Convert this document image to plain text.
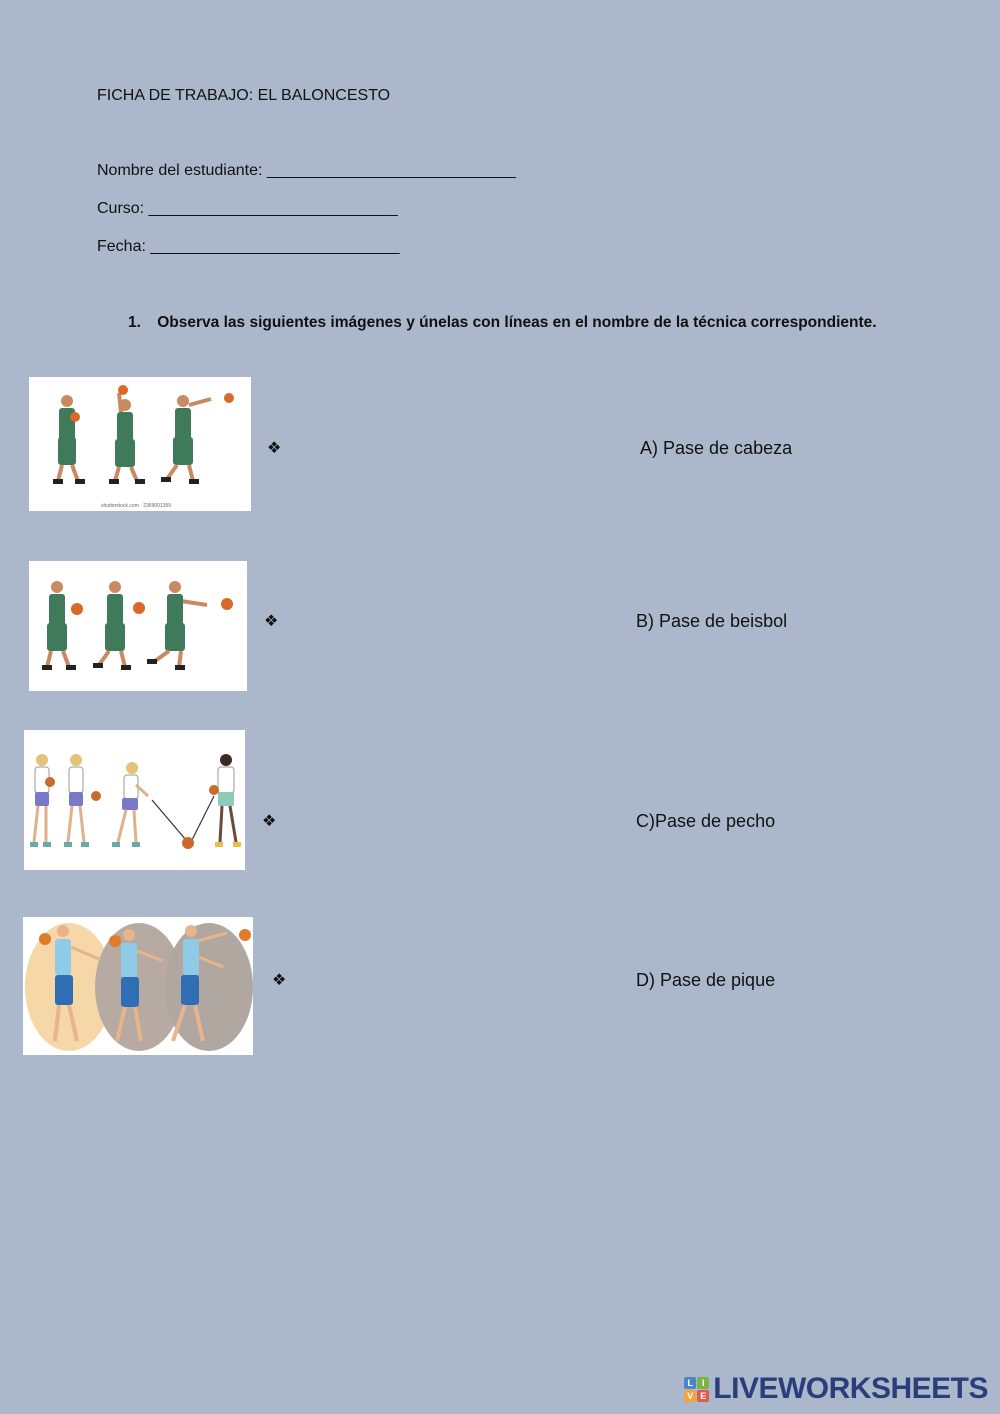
FICHA DE TRABAJO: EL BALONCESTO
Nombre del estudiante: ____________________________
Curso: ____________________________
Fecha: ____________________________
1. Observa las siguientes imágenes y únelas con líneas en el nombre de la técnica correspondiente.
shutterstock.com · 2369001359
❖
❖
❖
❖
A) Pase de cabeza
B) Pase de beisbol
C)Pase de pecho
D) Pase de pique
L I
V E LIVEWORKSHEETS
